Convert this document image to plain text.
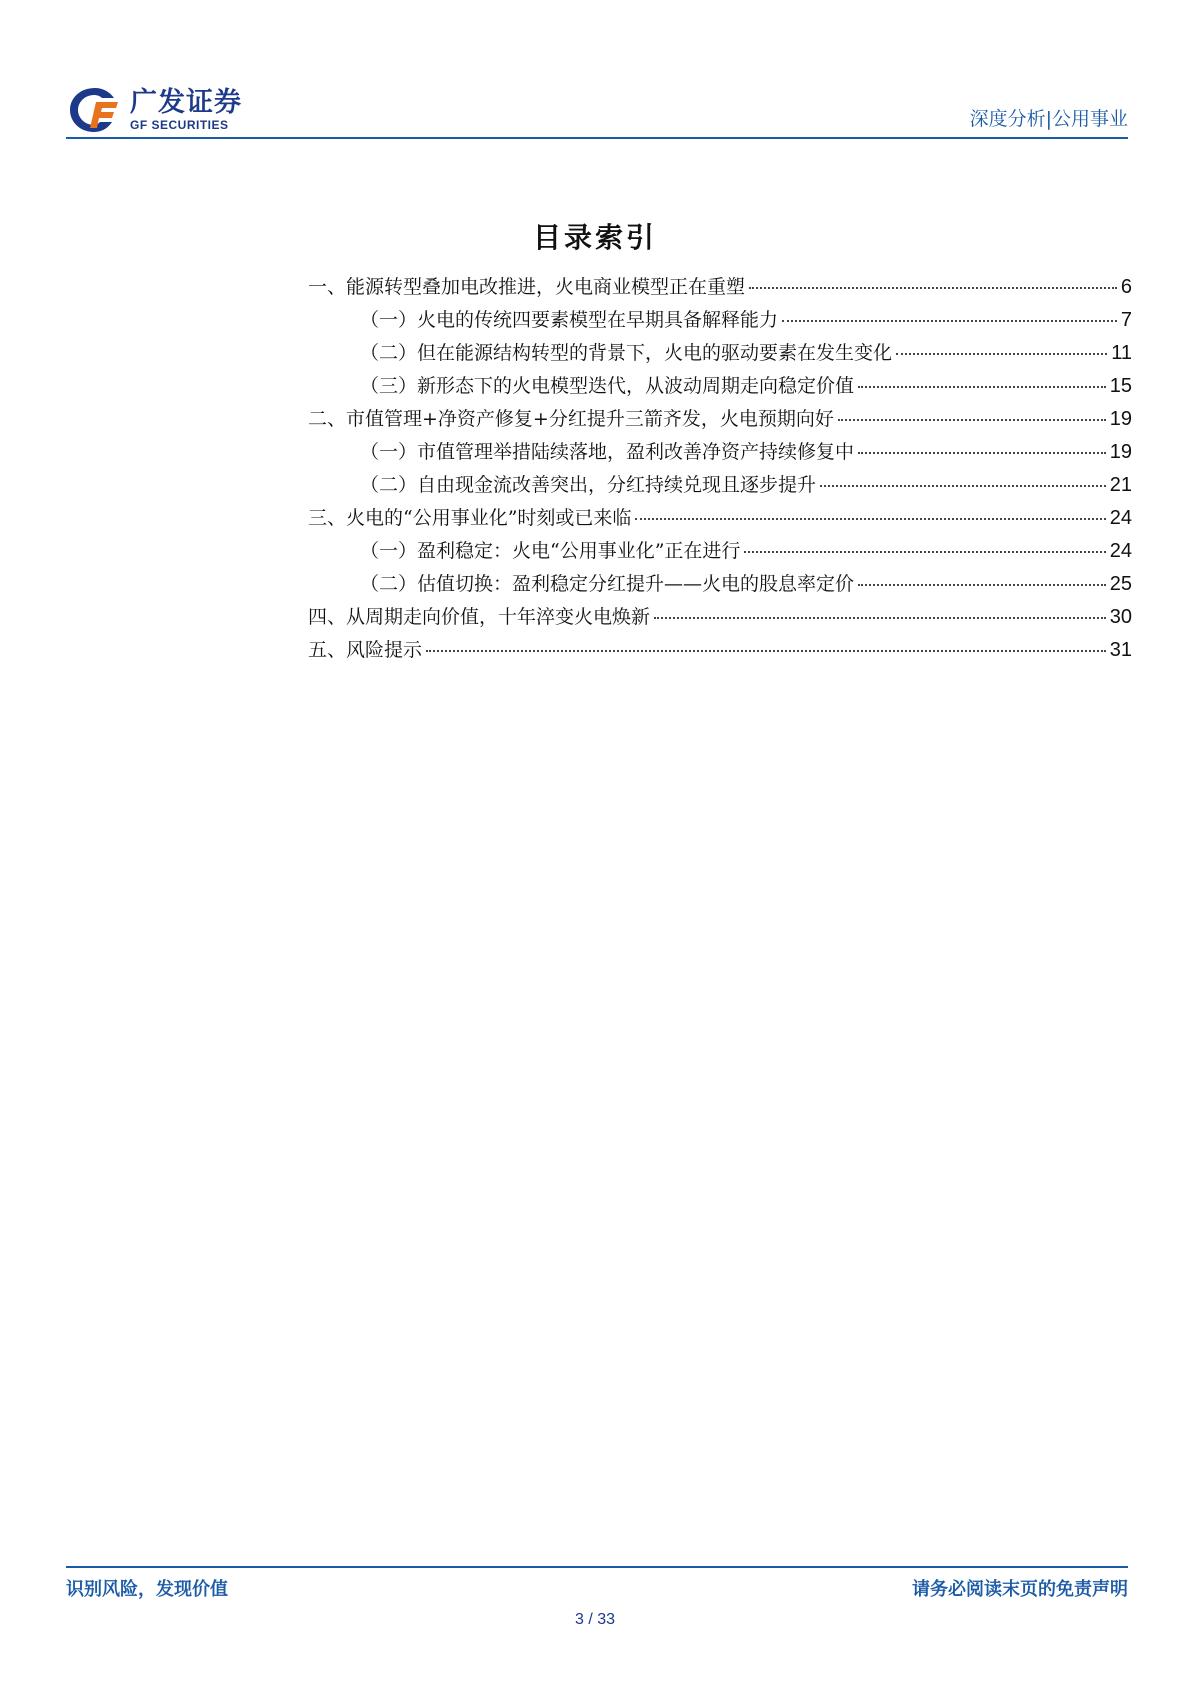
广发证券
GF SECURITIES	深度分析|公用事业
目录索引
一、能源转型叠加电改推进，火电商业模型正在重塑	6
（一）火电的传统四要素模型在早期具备解释能力	7
（二）但在能源结构转型的背景下，火电的驱动要素在发生变化	11
（三）新形态下的火电模型迭代，从波动周期走向稳定价值	15
二、市值管理+净资产修复+分红提升三箭齐发，火电预期向好	19
（一）市值管理举措陆续落地，盈利改善净资产持续修复中	19
（二）自由现金流改善突出，分红持续兑现且逐步提升	21
三、火电的“公用事业化”时刻或已来临	24
（一）盈利稳定：火电“公用事业化”正在进行	24
（二）估值切换：盈利稳定分红提升——火电的股息率定价	25
四、从周期走向价值，十年淬变火电焕新	30
五、风险提示	31
识别风险，发现价值	请务必阅读末页的免责声明
3 / 33
